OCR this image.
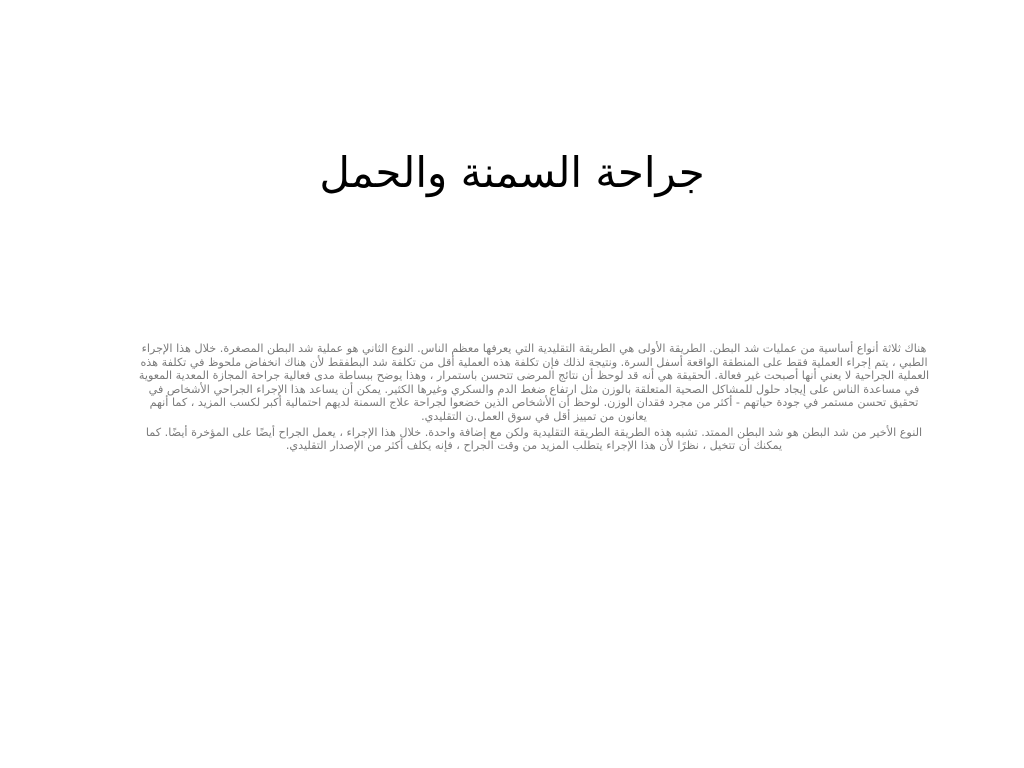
جراحة السمنة والحمل

هناك ثلاثة أنواع أساسية من عمليات شد البطن. الطريقة الأولى هي الطريقة التقليدية التي يعرفها معظم الناس. النوع الثاني هو عملية شد البطن المصغرة. خلال هذا الإجراء الطبي ، يتم إجراء العملية فقط على المنطقة الواقعة أسفل السرة. ونتيجة لذلك فإن تكلفة هذه العملية أقل من تكلفة شد البطفقط لأن هناك انخفاض ملحوظ في تكلفة هذه العملية الجراحية لا يعني أنها أصبحت غير فعالة. الحقيقة هي أنه قد لوحظ أن نتائج المرضى تتحسن باستمرار ، وهذا يوضح ببساطة مدى فعالية جراحة المجازة المعدية المعوية في مساعدة الناس على إيجاد حلول للمشاكل الصحية المتعلقة بالوزن مثل ارتفاع ضغط الدم والسكري وغيرها الكثير. يمكن أن يساعد هذا الإجراء الجراحي الأشخاص في تحقيق تحسن مستمر في جودة حياتهم - أكثر من مجرد فقدان الوزن. لوحظ أن الأشخاص الذين خضعوا لجراحة علاج السمنة لديهم احتمالية أكبر لكسب المزيد ، كما أنهم يعانون من تمييز أقل في سوق العمل.ن التقليدي.

النوع الأخير من شد البطن هو شد البطن الممتد. تشبه هذه الطريقة الطريقة التقليدية ولكن مع إضافة واحدة. خلال هذا الإجراء ، يعمل الجراح أيضًا على المؤخرة أيضًا. كما يمكنك أن تتخيل ، نظرًا لأن هذا الإجراء يتطلب المزيد من وقت الجراح ، فإنه يكلف أكثر من الإصدار التقليدي.
